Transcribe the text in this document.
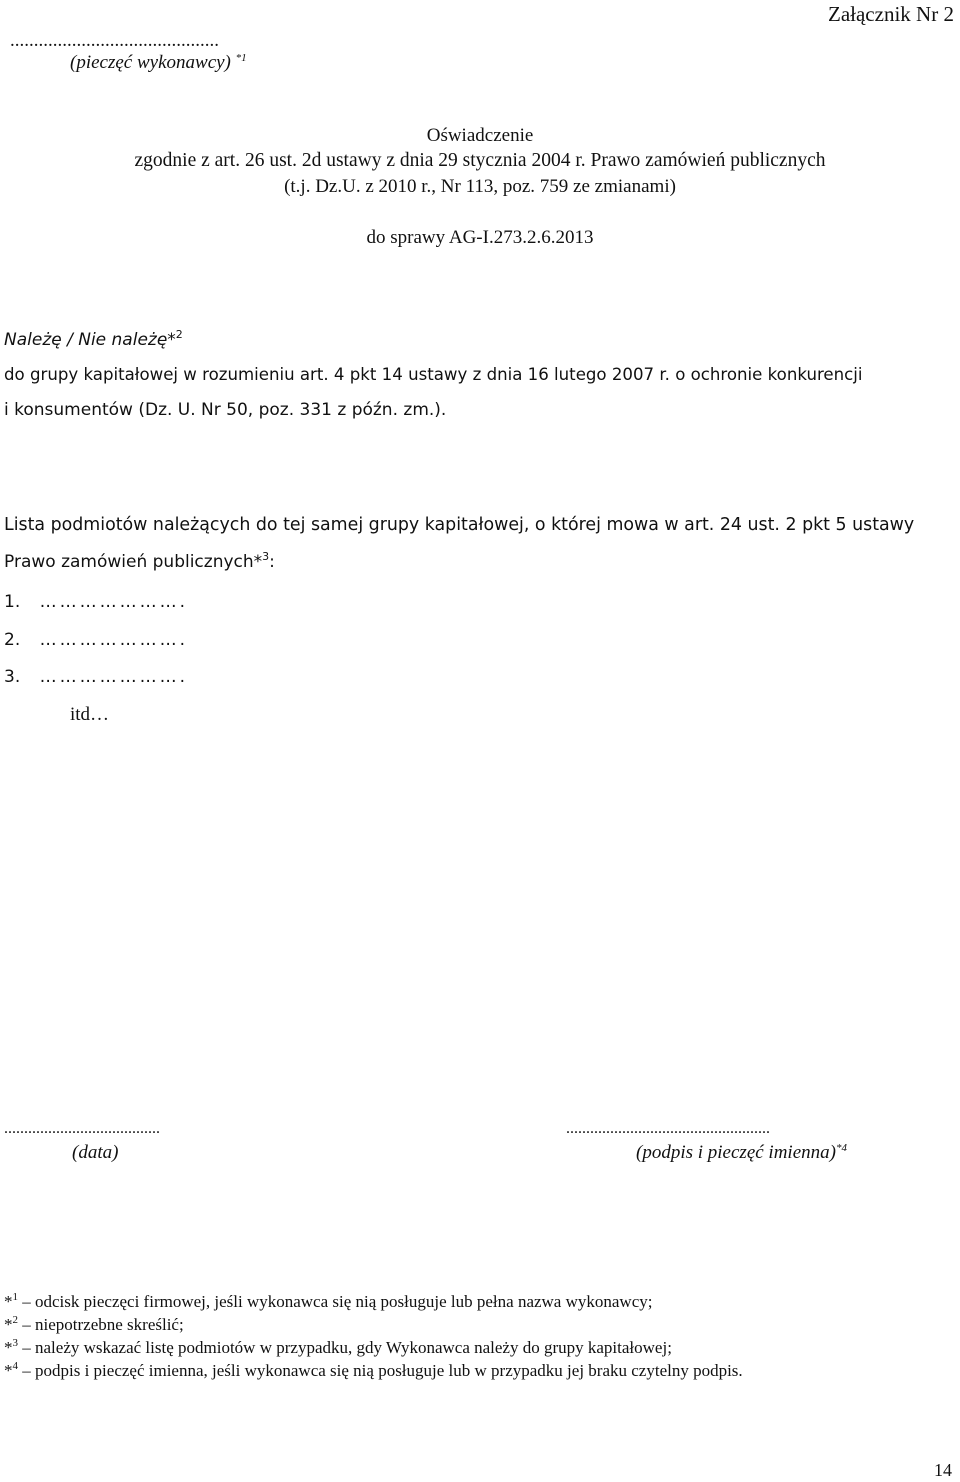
Załącznik Nr 2
............................................
(pieczęć wykonawcy) $^{*1}$
Oświadczenie
zgodnie z art. 26 ust. 2d ustawy z dnia 29 stycznia 2004 r. Prawo zamówień publicznych
(t.j. Dz.U. z 2010 r., Nr 113, poz. 759 ze zmianami)
do sprawy AG-I.273.2.6.2013
Należę / Nie należę*$^2$
do grupy kapitałowej w rozumieniu art. 4 pkt 14 ustawy z dnia 16 lutego 2007 r. o ochronie konkurencji
i konsumentów (Dz. U. Nr 50, poz. 331 z późn. zm.).
Lista podmiotów należących do tej samej grupy kapitałowej, o której mowa w art. 24 ust. 2 pkt 5 ustawy
Prawo zamówień publicznych*$^3$:
1. ………………….
2. ………………….
3. ………………….
itd…
.......................................
(data)
...................................................
(podpis i pieczęć imienna)$^{*4}$
*$^1$ – odcisk pieczęci firmowej, jeśli wykonawca się nią posługuje lub pełna nazwa wykonawcy;
*$^2$ – niepotrzebne skreślić;
*$^3$ – należy wskazać listę podmiotów w przypadku, gdy Wykonawca należy do grupy kapitałowej;
*$^4$ – podpis i pieczęć imienna, jeśli wykonawca się nią posługuje lub w przypadku jej braku czytelny podpis.
14
